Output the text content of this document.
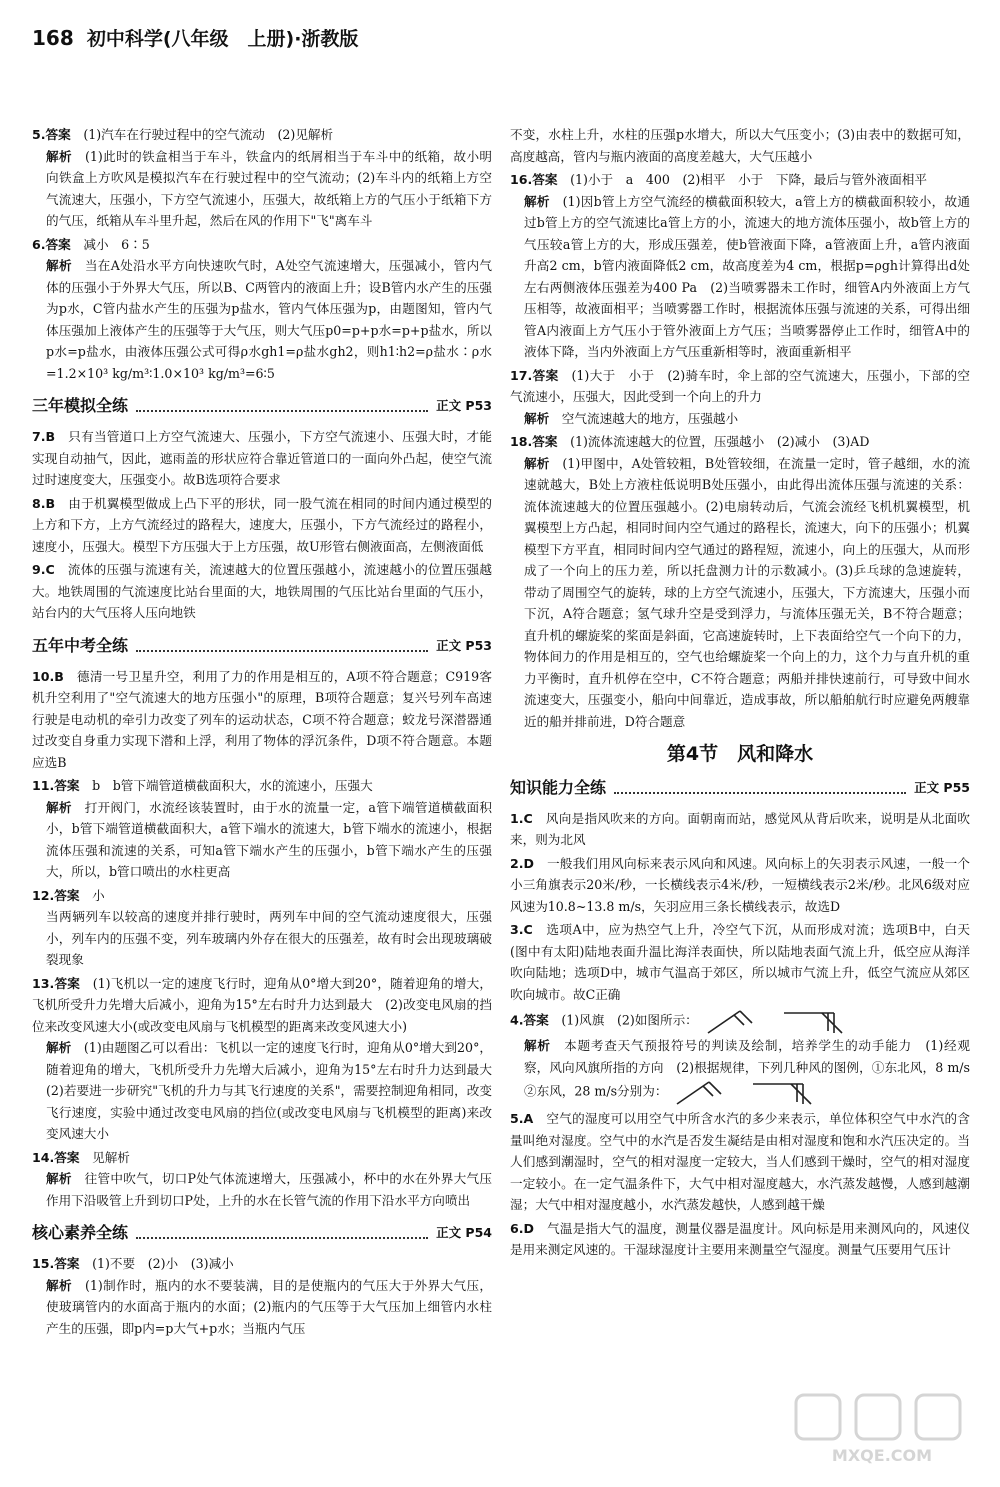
168 初中科学(八年级　上册)·浙教版
5.答案　(1)汽车在行驶过程中的空气流动　(2)见解析
解析　(1)此时的铁盒相当于车斗，铁盒内的纸屑相当于车斗中的纸箱，故小明向铁盒上方吹风是模拟汽车在行驶过程中的空气流动；(2)车斗内的纸箱上方空气流速大，压强小，下方空气流速小，压强大，故纸箱上方的气压小于纸箱下方的气压，纸箱从车斗里升起，然后在风的作用下"飞"离车斗
6.答案　减小　6∶5
解析　当在A处沿水平方向快速吹气时，A处空气流速增大，压强减小，管内气体的压强小于外界大气压，所以B、C两管内的液面上升；设B管内水产生的压强为p水，C管内盐水产生的压强为p盐水，管内气体压强为p，由题图知，管内气体压强加上液体产生的压强等于大气压，则大气压p0=p+p水=p+p盐水，所以p水=p盐水，由液体压强公式可得ρ水gh1=ρ盐水gh2，则h1∶h2=ρ盐水∶ρ水=1.2×10³ kg/m³∶1.0×10³ kg/m³=6∶5
三年模拟全练	正文 P53
7.B　只有当管道口上方空气流速大、压强小，下方空气流速小、压强大时，才能实现自动抽气，因此，遮雨盖的形状应符合靠近管道口的一面向外凸起，使空气流过时速度变大，压强变小。故B选项符合要求
8.B　由于机翼模型做成上凸下平的形状，同一股气流在相同的时间内通过模型的上方和下方，上方气流经过的路程大，速度大，压强小，下方气流经过的路程小，速度小，压强大。模型下方压强大于上方压强，故U形管右侧液面高，左侧液面低
9.C　流体的压强与流速有关，流速越大的位置压强越小，流速越小的位置压强越大。地铁周围的气流速度比站台里面的大，地铁周围的气压比站台里面的气压小，站台内的大气压将人压向地铁
五年中考全练	正文 P53
10.B　德清一号卫星升空，利用了力的作用是相互的，A项不符合题意；C919客机升空利用了"空气流速大的地方压强小"的原理，B项符合题意；复兴号列车高速行驶是电动机的牵引力改变了列车的运动状态，C项不符合题意；蛟龙号深潜器通过改变自身重力实现下潜和上浮，利用了物体的浮沉条件，D项不符合题意。本题应选B
11.答案　b　b管下端管道横截面积大，水的流速小，压强大
解析　打开阀门，水流经该装置时，由于水的流量一定，a管下端管道横截面积小，b管下端管道横截面积大，a管下端水的流速大，b管下端水的流速小，根据流体压强和流速的关系，可知a管下端水产生的压强小，b管下端水产生的压强大，所以，b管口喷出的水柱更高
12.答案　小
当两辆列车以较高的速度并排行驶时，两列车中间的空气流动速度很大，压强小，列车内的压强不变，列车玻璃内外存在很大的压强差，故有时会出现玻璃破裂现象
13.答案　(1)飞机以一定的速度飞行时，迎角从0°增大到20°，随着迎角的增大，飞机所受升力先增大后减小，迎角为15°左右时升力达到最大　(2)改变电风扇的挡位来改变风速大小(或改变电风扇与飞机模型的距离来改变风速大小)
解析　(1)由题图乙可以看出：飞机以一定的速度飞行时，迎角从0°增大到20°，随着迎角的增大，飞机所受升力先增大后减小，迎角为15°左右时升力达到最大　(2)若要进一步研究"飞机的升力与其飞行速度的关系"，需要控制迎角相同，改变飞行速度，实验中通过改变电风扇的挡位(或改变电风扇与飞机模型的距离)来改变风速大小
14.答案　见解析
解析　往管中吹气，切口P处气体流速增大，压强减小，杯中的水在外界大气压作用下沿吸管上升到切口P处，上升的水在长管气流的作用下沿水平方向喷出
核心素养全练	正文 P54
15.答案　(1)不要　(2)小　(3)减小
解析　(1)制作时，瓶内的水不要装满，目的是使瓶内的气压大于外界大气压，使玻璃管内的水面高于瓶内的水面；(2)瓶内的气压等于大气压加上细管内水柱产生的压强，即p内=p大气+p水；当瓶内气压
不变，水柱上升，水柱的压强p水增大，所以大气压变小；(3)由表中的数据可知，高度越高，管内与瓶内液面的高度差越大，大气压越小
16.答案　(1)小于　a　400　(2)相平　小于　下降，最后与管外液面相平
解析　(1)因b管上方空气流经的横截面积较大，a管上方的横截面积较小，故通过b管上方的空气流速比a管上方的小，流速大的地方流体压强小，故b管上方的气压较a管上方的大，形成压强差，使b管液面下降，a管液面上升，a管内液面升高2 cm，b管内液面降低2 cm，故高度差为4 cm，根据p=ρgh计算得出d处左右两侧液体压强差为400 Pa　(2)当喷雾器未工作时，细管A内外液面上方气压相等，故液面相平；当喷雾器工作时，根据流体压强与流速的关系，可得出细管A内液面上方气压小于管外液面上方气压；当喷雾器停止工作时，细管A中的液体下降，当内外液面上方气压重新相等时，液面重新相平
17.答案　(1)大于　小于　(2)骑车时，伞上部的空气流速大，压强小，下部的空气流速小，压强大，因此受到一个向上的升力
解析　空气流速越大的地方，压强越小
18.答案　(1)流体流速越大的位置，压强越小　(2)减小　(3)AD
解析　(1)甲图中，A处管较粗，B处管较细，在流量一定时，管子越细，水的流速就越大，B处上方液柱低说明B处压强小，由此得出流体压强与流速的关系：流体流速越大的位置压强越小。(2)电扇转动后，气流会流经飞机机翼模型，机翼模型上方凸起，相同时间内空气通过的路程长，流速大，向下的压强小；机翼模型下方平直，相同时间内空气通过的路程短，流速小，向上的压强大，从而形成了一个向上的压力差，所以托盘测力计的示数减小。(3)乒乓球的急速旋转，带动了周围空气的旋转，球的上方空气流速小，压强大，下方流速大，压强小而下沉，A符合题意；氢气球升空是受到浮力，与流体压强无关，B不符合题意；直升机的螺旋桨的桨面是斜面，它高速旋转时，上下表面给空气一个向下的力，物体间力的作用是相互的，空气也给螺旋桨一个向上的力，这个力与直升机的重力平衡时，直升机停在空中，C不符合题意；两船并排快速前行，可导致中间水流速变大，压强变小，船向中间靠近，造成事故，所以船舶航行时应避免两艘靠近的船并排前进，D符合题意
第4节　风和降水
知识能力全练	正文 P55
1.C　风向是指风吹来的方向。面朝南而站，感觉风从背后吹来，说明是从北面吹来，则为北风
2.D　一般我们用风向标来表示风向和风速。风向标上的矢羽表示风速，一般一个小三角旗表示20米/秒，一长横线表示4米/秒，一短横线表示2米/秒。北风6级对应风速为10.8~13.8 m/s，矢羽应用三条长横线表示，故选D
3.C　选项A中，应为热空气上升，冷空气下沉，从而形成对流；选项B中，白天(图中有太阳)陆地表面升温比海洋表面快，所以陆地表面气流上升，低空应从海洋吹向陆地；选项D中，城市气温高于郊区，所以城市气流上升，低空气流应从郊区吹向城市。故C正确
4.答案　(1)风旗　(2)如图所示：
解析　本题考查天气预报符号的判读及绘制，培养学生的动手能力　(1)经观察，风向风旗所指的方向　(2)根据规律，下列几种风的图例，①东北风，8 m/s　②东风，28 m/s分别为：
5.A　空气的湿度可以用空气中所含水汽的多少来表示，单位体积空气中水汽的含量叫绝对湿度。空气中的水汽是否发生凝结是由相对湿度和饱和水汽压决定的。当人们感到潮湿时，空气的相对湿度一定较大，当人们感到干燥时，空气的相对湿度一定较小。在一定气温条件下，大气中相对湿度越大，水汽蒸发越慢，人感到越潮湿；大气中相对湿度越小，水汽蒸发越快，人感到越干燥
6.D　气温是指大气的温度，测量仪器是温度计。风向标是用来测风向的，风速仪是用来测定风速的。干湿球湿度计主要用来测量空气湿度。测量气压要用气压计
MXQE.COM
